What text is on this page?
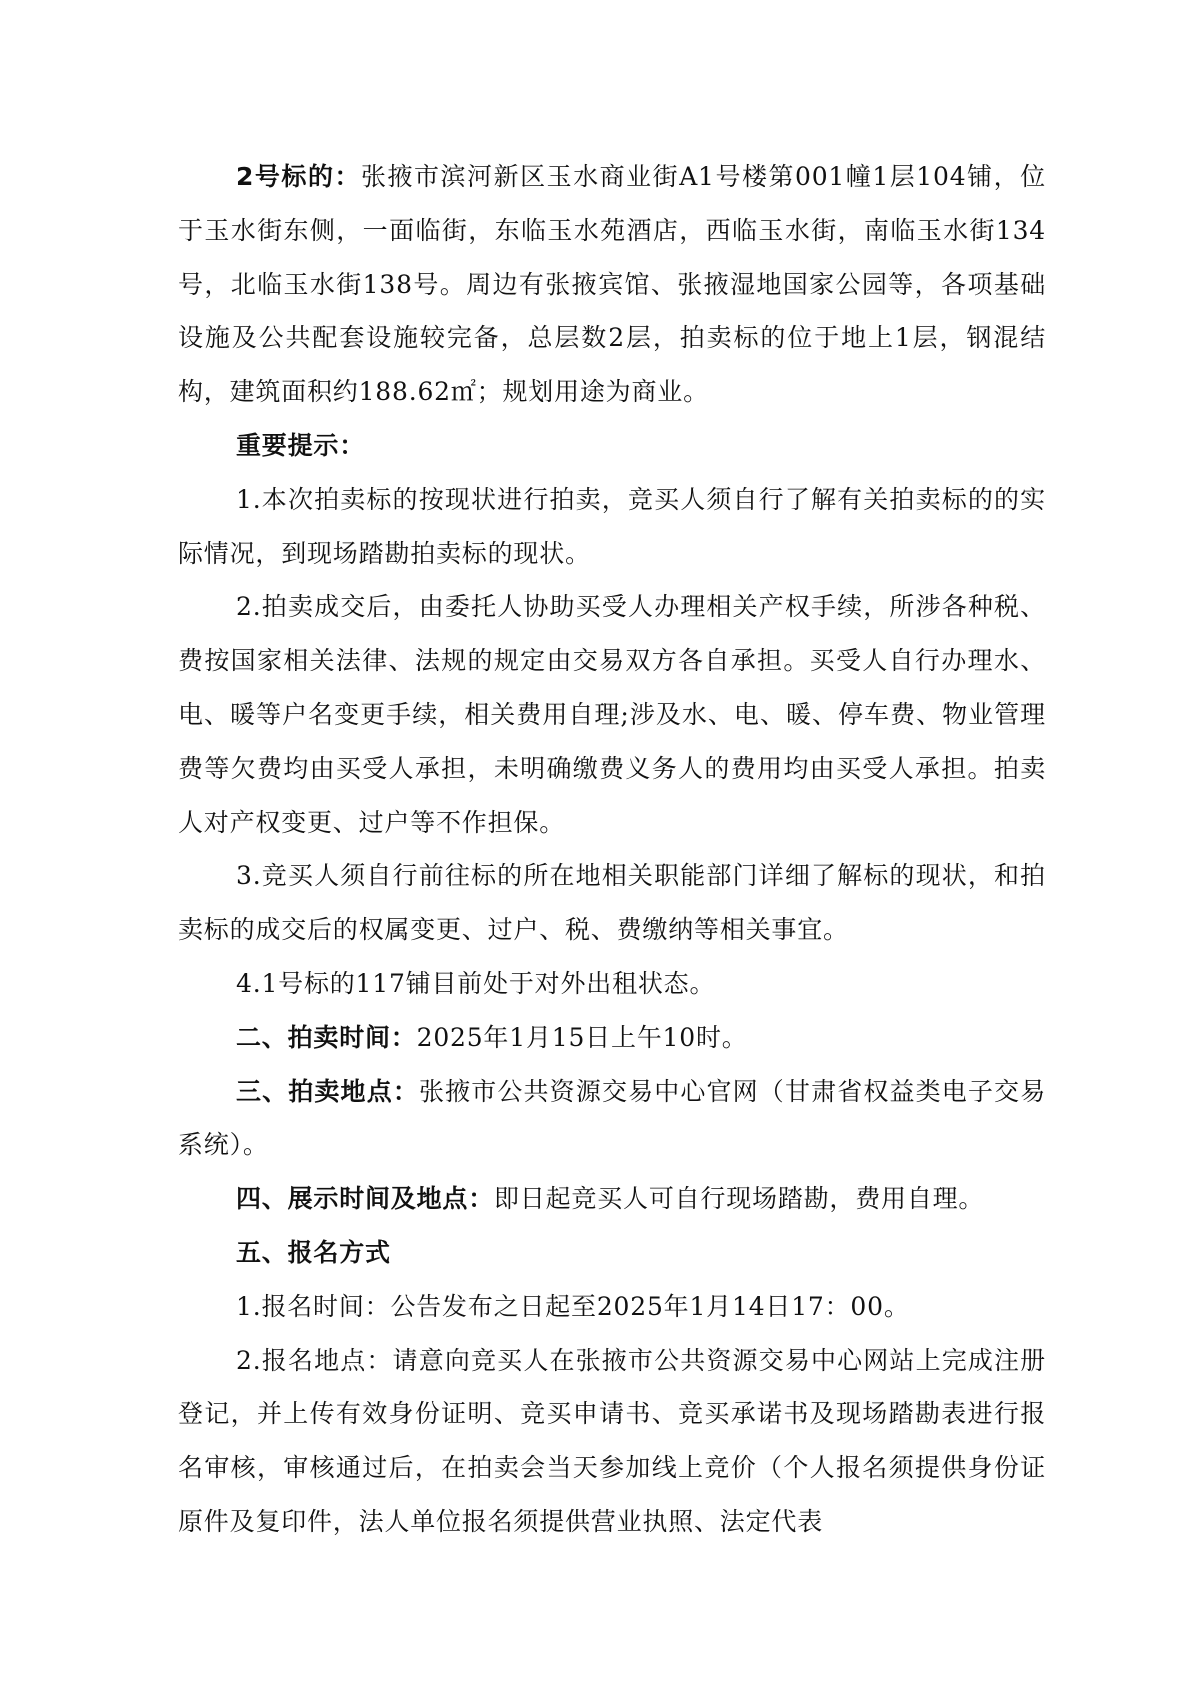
2号标的：张掖市滨河新区玉水商业街A1号楼第001幢1层104铺，位于玉水街东侧，一面临街，东临玉水苑酒店，西临玉水街，南临玉水街134号，北临玉水街138号。周边有张掖宾馆、张掖湿地国家公园等，各项基础设施及公共配套设施较完备，总层数2层，拍卖标的位于地上1层，钢混结构，建筑面积约188.62㎡；规划用途为商业。

重要提示：

1.本次拍卖标的按现状进行拍卖，竞买人须自行了解有关拍卖标的的实际情况，到现场踏勘拍卖标的现状。

2.拍卖成交后，由委托人协助买受人办理相关产权手续，所涉各种税、费按国家相关法律、法规的规定由交易双方各自承担。买受人自行办理水、电、暖等户名变更手续，相关费用自理;涉及水、电、暖、停车费、物业管理费等欠费均由买受人承担，未明确缴费义务人的费用均由买受人承担。拍卖人对产权变更、过户等不作担保。

3.竞买人须自行前往标的所在地相关职能部门详细了解标的现状，和拍卖标的成交后的权属变更、过户、税、费缴纳等相关事宜。

4.1号标的117铺目前处于对外出租状态。

二、拍卖时间：2025年1月15日上午10时。

三、拍卖地点：张掖市公共资源交易中心官网（甘肃省权益类电子交易系统）。

四、展示时间及地点：即日起竞买人可自行现场踏勘，费用自理。

五、报名方式

1.报名时间：公告发布之日起至2025年1月14日17：00。

2.报名地点：请意向竞买人在张掖市公共资源交易中心网站上完成注册登记，并上传有效身份证明、竞买申请书、竞买承诺书及现场踏勘表进行报名审核，审核通过后，在拍卖会当天参加线上竞价（个人报名须提供身份证原件及复印件，法人单位报名须提供营业执照、法定代表
